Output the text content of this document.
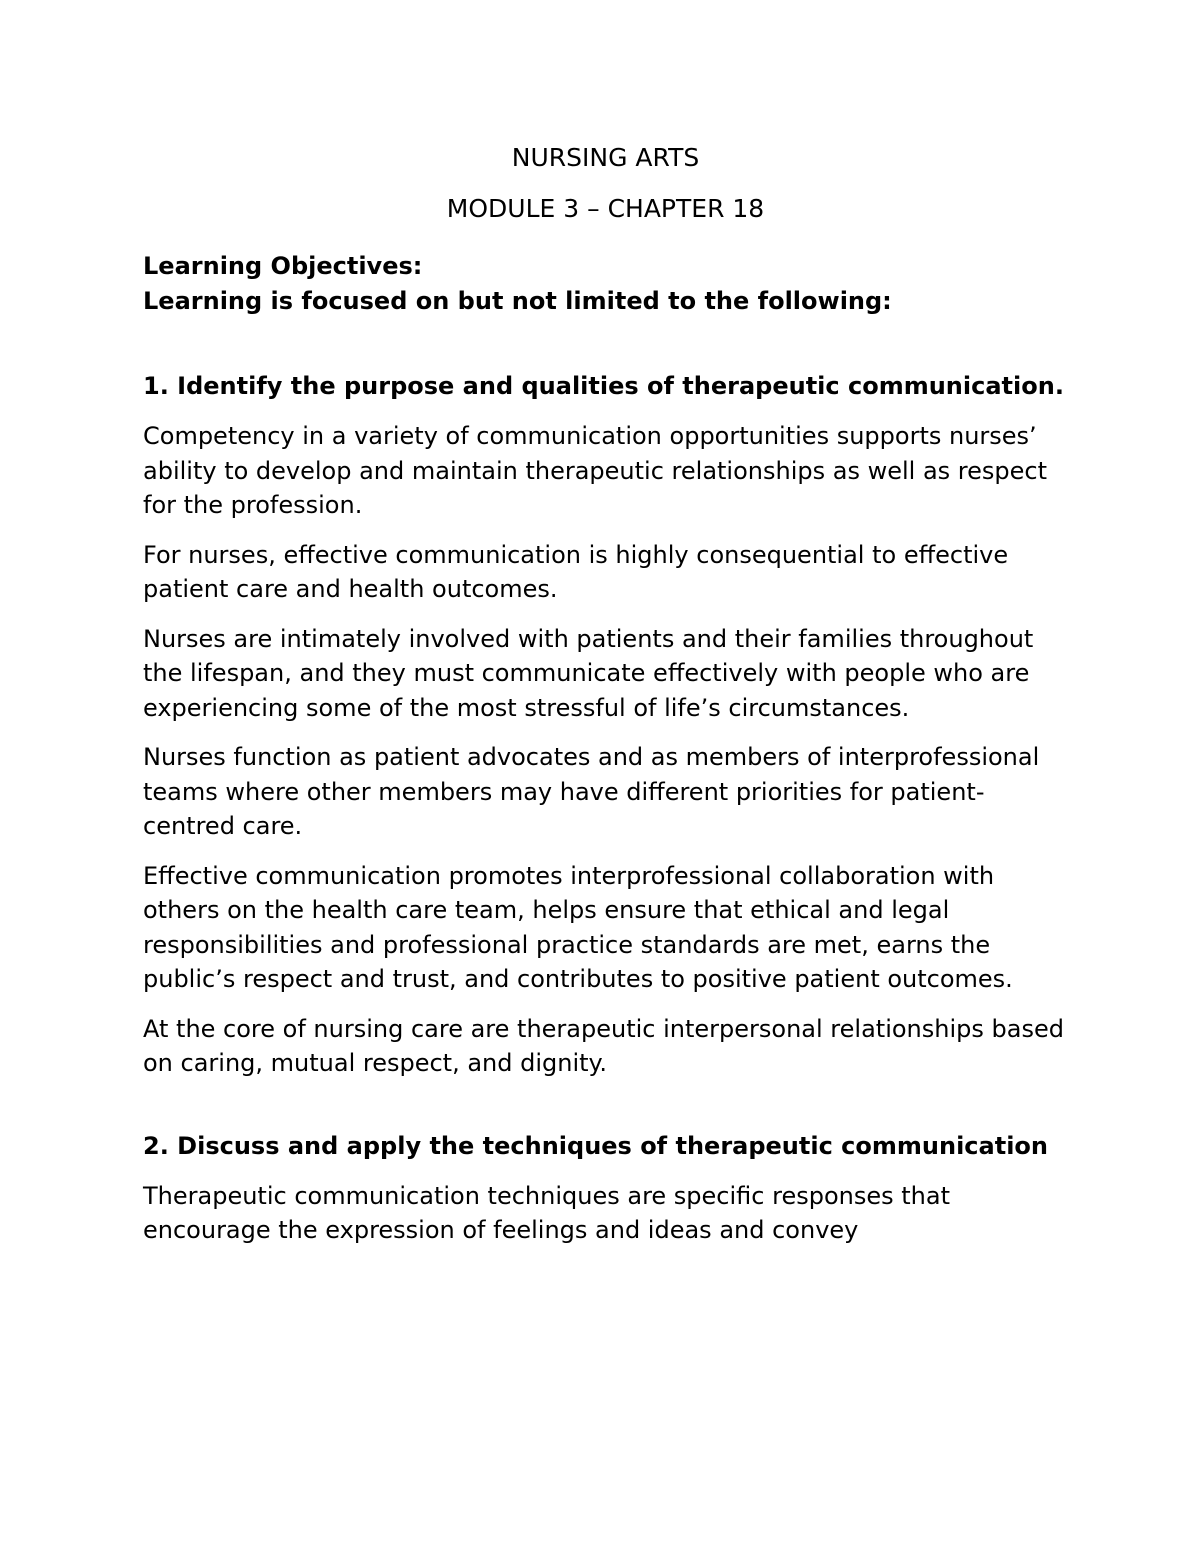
NURSING ARTS
MODULE 3 – CHAPTER 18

Learning Objectives:

Learning is focused on but not limited to the following:

1. Identify the purpose and qualities of therapeutic communication.

Competency in a variety of communication opportunities supports nurses’ ability to develop and maintain therapeutic relationships as well as respect for the profession.

For nurses, effective communication is highly consequential to effective patient care and health outcomes.

Nurses are intimately involved with patients and their families throughout the lifespan, and they must communicate effectively with people who are experiencing some of the most stressful of life’s circumstances.

Nurses function as patient advocates and as members of interprofessional teams where other members may have different priorities for patient-centred care.

Effective communication promotes interprofessional collaboration with others on the health care team, helps ensure that ethical and legal responsibilities and professional practice standards are met, earns the public’s respect and trust, and contributes to positive patient outcomes.

At the core of nursing care are therapeutic interpersonal relationships based on caring, mutual respect, and dignity.

2. Discuss and apply the techniques of therapeutic communication

Therapeutic communication techniques are specific responses that encourage the expression of feelings and ideas and convey
